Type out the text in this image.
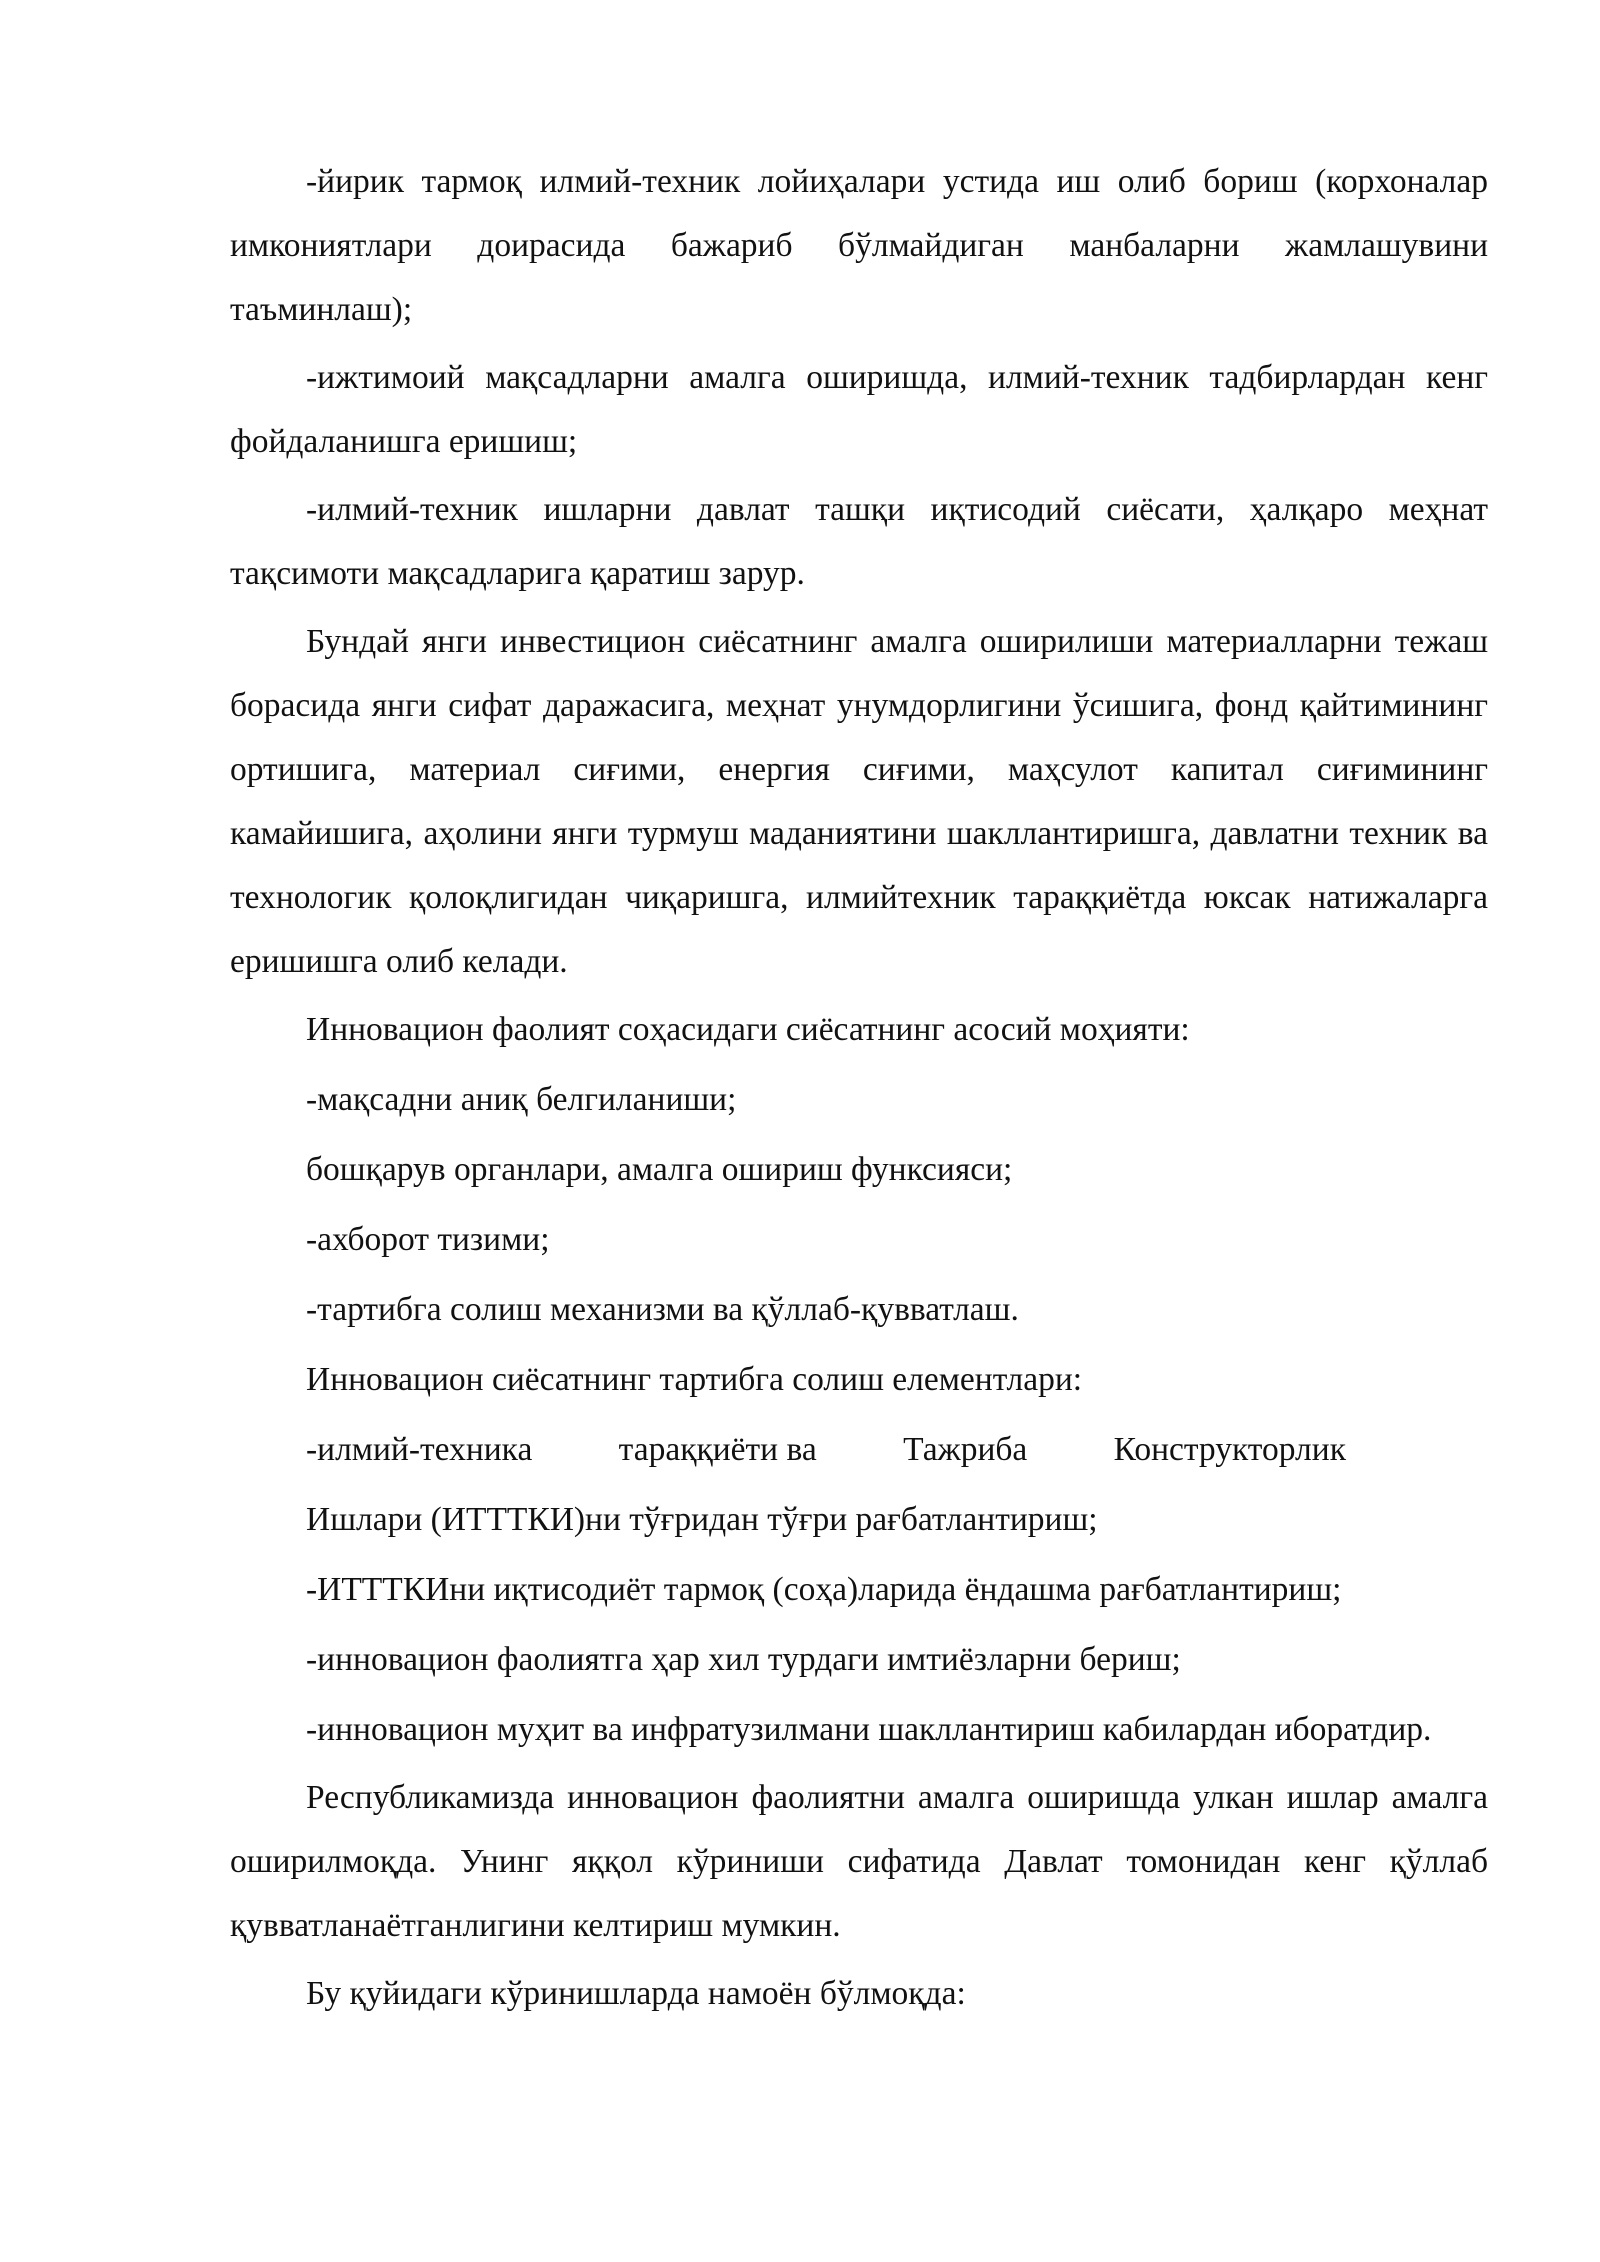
-йирик тармоқ илмий-техник лойиҳалари устида иш олиб бориш (корхоналар имкониятлари доирасида бажариб бўлмайдиган манбаларни жамлашувини таъминлаш);

-ижтимоий мақсадларни амалга оширишда, илмий-техник тадбирлардан кенг фойдаланишга еришиш;

-илмий-техник ишларни давлат ташқи иқтисодий сиёсати, ҳалқаро меҳнат тақсимоти мақсадларига қаратиш зарур.

Бундай янги инвестицион сиёсатнинг амалга оширилиши материалларни тежаш борасида янги сифат даражасига, меҳнат унумдорлигини ўсишига, фонд қайтимининг ортишига, материал сиғими, енергия сиғими, маҳсулот капитал сиғимининг камайишига, аҳолини янги турмуш маданиятини шакллантиришга, давлатни техник ва технологик қолоқлигидан чиқаришга, илмийтехник тараққиётда юксак натижаларга еришишга олиб келади.

Инновацион фаолият соҳасидаги сиёсатнинг асосий моҳияти:

-мақсадни аниқ белгиланиши;

бошқарув органлари, амалга ошириш функсияси;

-ахборот тизими;

-тартибга солиш механизми ва қўллаб-қувватлаш.

Инновацион сиёсатнинг тартибга солиш елементлари:

-илмий-техника	тараққиёти ва	Тажриба	Конструкторлик

Ишлари (ИТТТКИ)ни тўғридан тўғри рағбатлантириш;

-ИТТТКИни иқтисодиёт тармоқ (соҳа)ларида ёндашма рағбатлантириш;

-инновацион фаолиятга ҳар хил турдаги имтиёзларни бериш;

-инновацион муҳит ва инфратузилмани шакллантириш кабилардан иборатдир.

Республикамизда инновацион фаолиятни амалга оширишда улкан ишлар амалга оширилмоқда. Унинг яққол кўриниши сифатида Давлат томонидан кенг қўллаб қувватланаётганлигини келтириш мумкин.

Бу қуйидаги кўринишларда намоён бўлмоқда:
